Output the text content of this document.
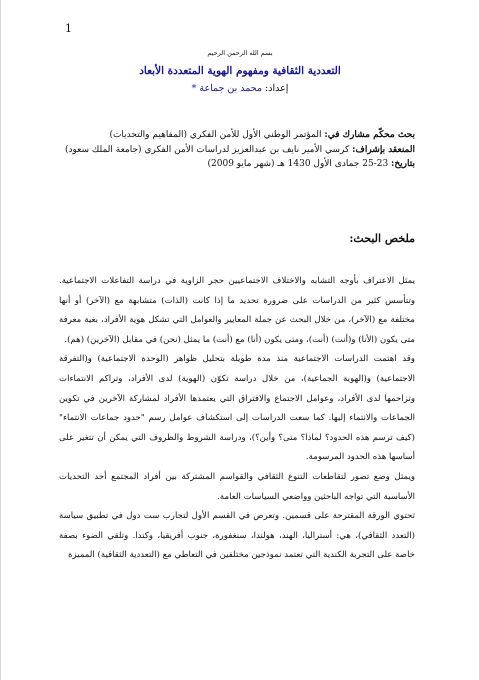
1
بسم الله الرحمن الرحيم
التعددية الثقافية ومفهوم الهوية المتعددة الأبعاد
إعداد: محمد بن جماعة *
بحث محكّم مشارك في: المؤتمر الوطني الأول للأمن الفكري (المفاهيم والتحديات)
المنعقد بإشراف: كرسي الأمير نايف بن عبدالعزيز لدراسات الأمن الفكري (جامعة الملك سعود)
بتاريخ: 23-25 جمادى الأول 1430 هـ (شهر مايو 2009)
ملخص البحث:

يمثل الاعتراف بأوجه التشابه والاختلاف الاجتماعيين حجر الزاوية في دراسة التفاعلات الاجتماعية. وتتأسس كثير من الدراسات على ضرورة تحديد ما إذا كانت (الذات) متشابهة مع (الآخر) أو أنها مختلفة مع (الآخر)، من خلال البحث عن جملة المعايير والعوامل التي تشكل هوية الأفراد، بغية معرفة متى يكون (الأنا) و(أنت) (أنت)، ومتى يكون (أنا) مع (أنت) ما يمثل (نحن) في مقابل (الآخرين) (هم).

وقد اهتمت الدراسات الاجتماعية منذ مدة طويلة بتحليل ظواهر (الوحدة الاجتماعية) و(التفرقة الاجتماعية) و(الهوية الجماعية)، من خلال دراسة تكوّن (الهوية) لدى الأفراد، وتراكم الانتماءات وتزاحمها لدى الأفراد، وعوامل الاجتماع والافتراق التي يعتمدها الأفراد لمشاركة الآخرين في تكوين الجماعات والانتماء إليها. كما سعت الدراسات إلى استكشاف عوامل رسم "حدود جماعات الانتماء" (كيف ترسم هذه الحدود؟ لماذا؟ متى؟ وأين؟)، ودراسة الشروط والظروف التي يمكن أن تتغير على أساسها هذه الحدود المرسومة.

ويمثل وضع تصور لتقاطعات التنوع الثقافي والقواسم المشتركة بين أفراد المجتمع أحد التحديات الأساسية التي تواجه الباحثين وواضعي السياسات العامة.

تحتوي الورقة المقترحة على قسمين. وتعرض في القسم الأول لتجارب ست دول في تطبيق سياسة (التعدد الثقافي)، هي: أستراليا، الهند، هولندا، سنغفورة، جنوب أفريقيا، وكندا. وتلقي الضوء بصفة خاصة على التجربة الكندية التي تعتمد نموذجين مختلفين في التعاطي مع (التعددية الثقافية) المميزة
